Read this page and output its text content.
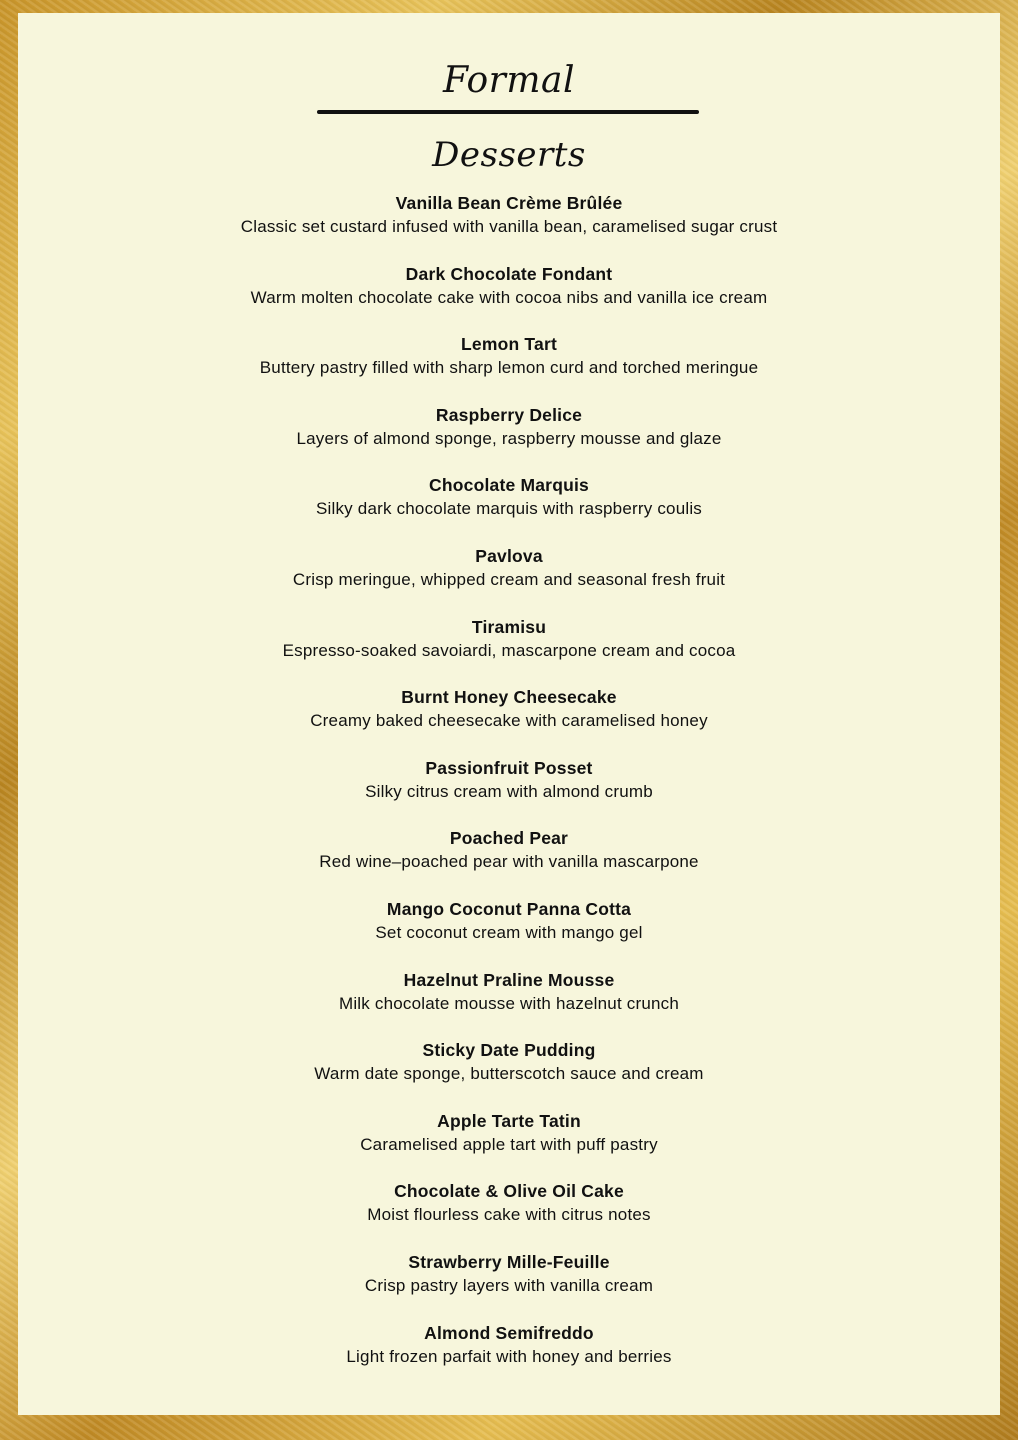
Formal
Desserts
Vanilla Bean Crème Brûlée
Classic set custard infused with vanilla bean, caramelised sugar crust
Dark Chocolate Fondant
Warm molten chocolate cake with cocoa nibs and vanilla ice cream
Lemon Tart
Buttery pastry filled with sharp lemon curd and torched meringue
Raspberry Delice
Layers of almond sponge, raspberry mousse and glaze
Chocolate Marquis
Silky dark chocolate marquis with raspberry coulis
Pavlova
Crisp meringue, whipped cream and seasonal fresh fruit
Tiramisu
Espresso-soaked savoiardi, mascarpone cream and cocoa
Burnt Honey Cheesecake
Creamy baked cheesecake with caramelised honey
Passionfruit Posset
Silky citrus cream with almond crumb
Poached Pear
Red wine–poached pear with vanilla mascarpone
Mango Coconut Panna Cotta
Set coconut cream with mango gel
Hazelnut Praline Mousse
Milk chocolate mousse with hazelnut crunch
Sticky Date Pudding
Warm date sponge, butterscotch sauce and cream
Apple Tarte Tatin
Caramelised apple tart with puff pastry
Chocolate & Olive Oil Cake
Moist flourless cake with citrus notes
Strawberry Mille-Feuille
Crisp pastry layers with vanilla cream
Almond Semifreddo
Light frozen parfait with honey and berries
